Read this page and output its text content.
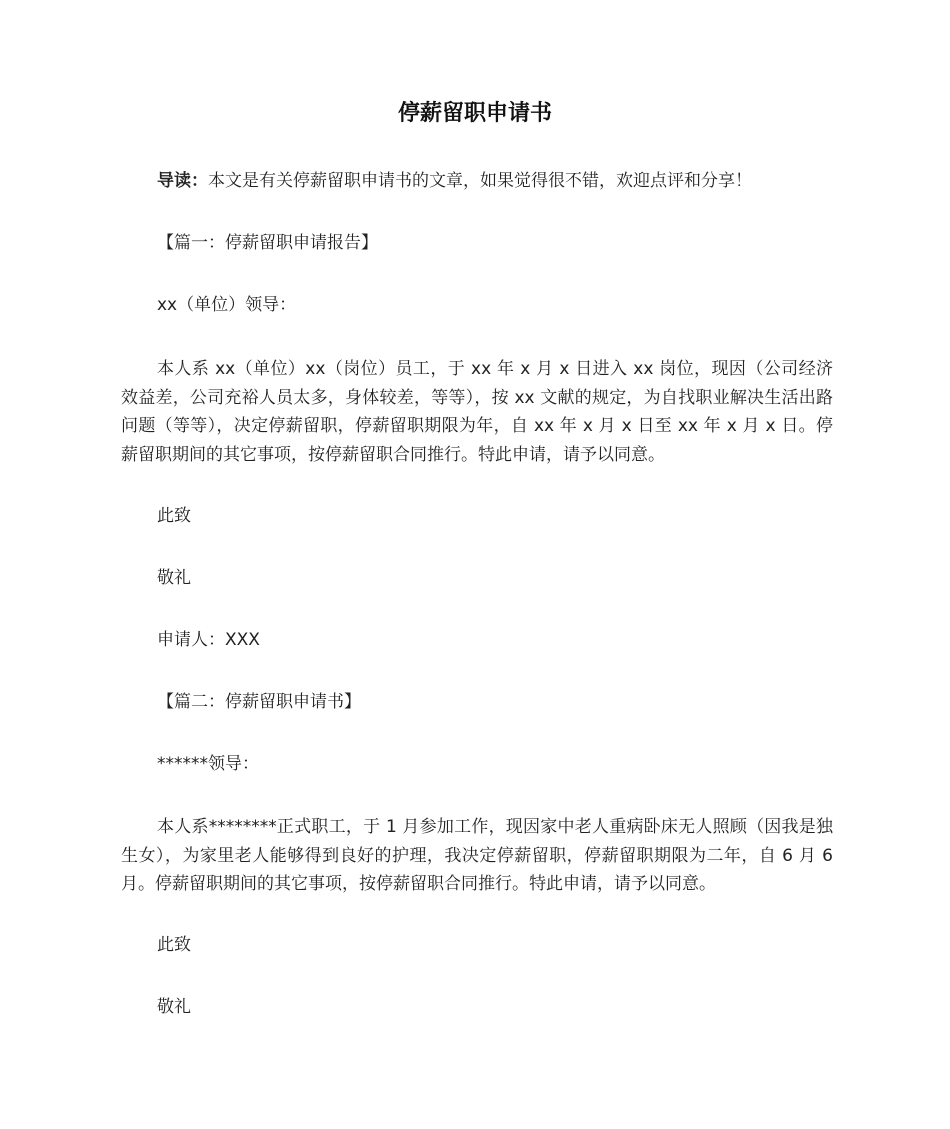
停薪留职申请书
导读：本文是有关停薪留职申请书的文章，如果觉得很不错，欢迎点评和分享！
【篇一：停薪留职申请报告】
xx（单位）领导：
本人系 xx（单位）xx（岗位）员工，于 xx 年 x 月 x 日进入 xx 岗位，现因（公司经济效益差，公司充裕人员太多，身体较差，等等），按 xx 文献的规定，为自找职业解决生活出路问题（等等），决定停薪留职，停薪留职期限为年，自 xx 年 x 月 x 日至 xx 年 x 月 x 日。停薪留职期间的其它事项，按停薪留职合同推行。特此申请，请予以同意。
此致
敬礼
申请人：XXX
【篇二：停薪留职申请书】
******领导：
本人系********正式职工，于 1 月参加工作，现因家中老人重病卧床无人照顾（因我是独生女），为家里老人能够得到良好的护理，我决定停薪留职，停薪留职期限为二年，自 6 月 6 月。停薪留职期间的其它事项，按停薪留职合同推行。特此申请，请予以同意。
此致
敬礼
